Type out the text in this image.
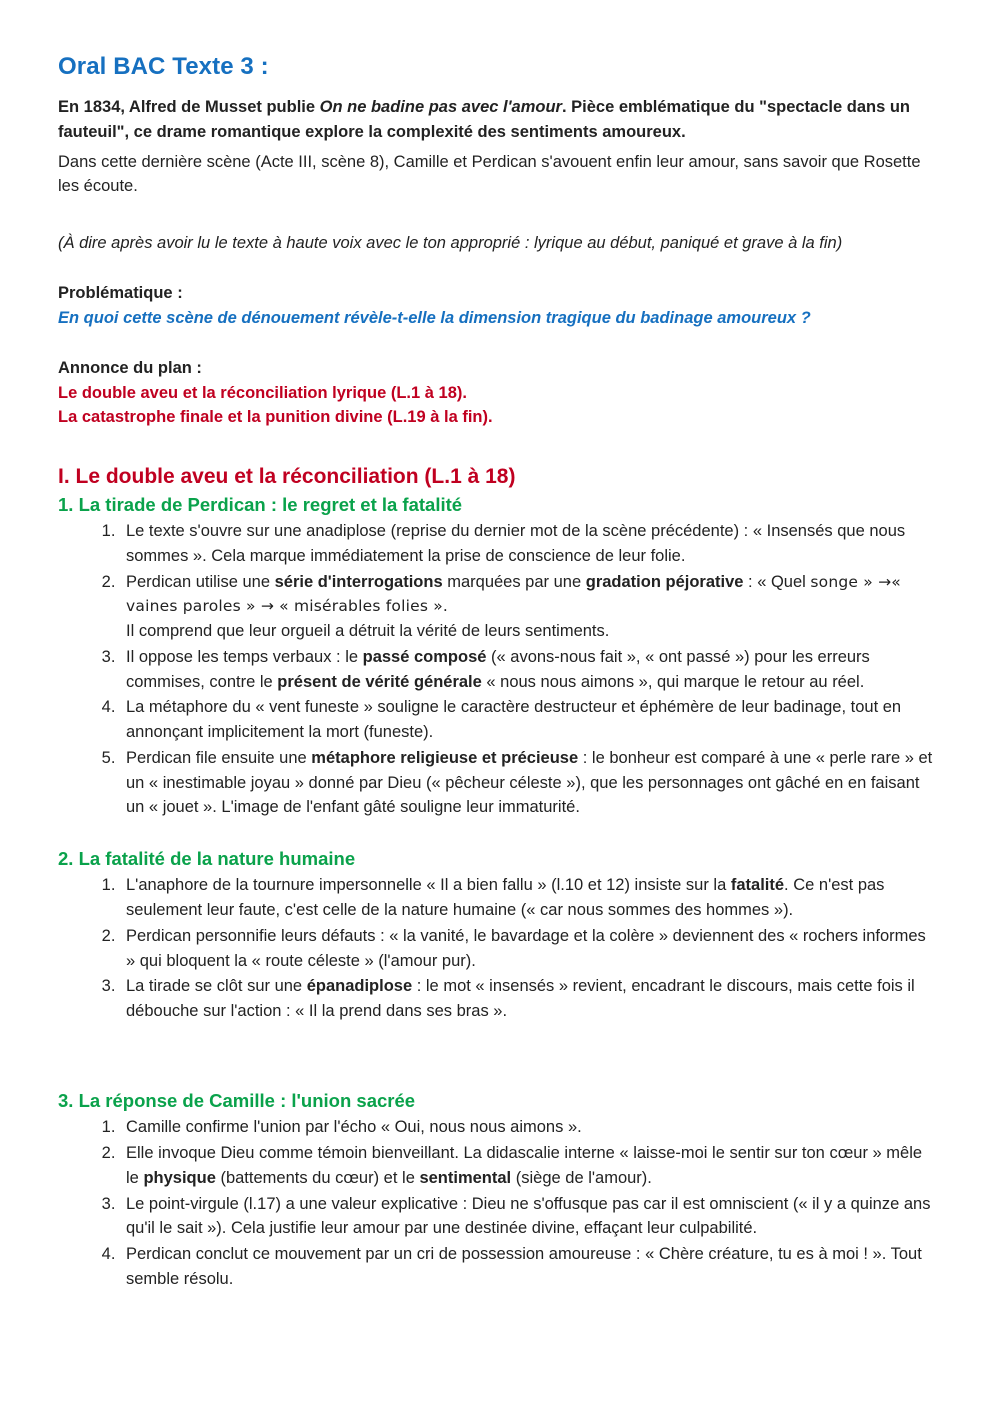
Oral BAC Texte 3 :

En 1834, Alfred de Musset publie On ne badine pas avec l'amour. Pièce emblématique du "spectacle dans un fauteuil", ce drame romantique explore la complexité des sentiments amoureux.

Dans cette dernière scène (Acte III, scène 8), Camille et Perdican s'avouent enfin leur amour, sans savoir que Rosette les écoute.

(À dire après avoir lu le texte à haute voix avec le ton approprié : lyrique au début, paniqué et grave à la fin)

Problématique :

En quoi cette scène de dénouement révèle-t-elle la dimension tragique du badinage amoureux ?

Annonce du plan :

Le double aveu et la réconciliation lyrique (L.1 à 18).

La catastrophe finale et la punition divine (L.19 à la fin).

I. Le double aveu et la réconciliation (L.1 à 18)
1. La tirade de Perdican : le regret et la fatalité
1. Le texte s'ouvre sur une anadiplose (reprise du dernier mot de la scène précédente) : « Insensés que nous sommes ». Cela marque immédiatement la prise de conscience de leur folie.
2. Perdican utilise une série d'interrogations marquées par une gradation péjorative : « Quel songe » →« vaines paroles » → « misérables folies ».
Il comprend que leur orgueil a détruit la vérité de leurs sentiments.
3. Il oppose les temps verbaux : le passé composé (« avons-nous fait », « ont passé ») pour les erreurs commises, contre le présent de vérité générale « nous nous aimons », qui marque le retour au réel.
4. La métaphore du « vent funeste » souligne le caractère destructeur et éphémère de leur badinage, tout en annonçant implicitement la mort (funeste).
5. Perdican file ensuite une métaphore religieuse et précieuse : le bonheur est comparé à une « perle rare » et un « inestimable joyau » donné par Dieu (« pêcheur céleste »), que les personnages ont gâché en en faisant un « jouet ». L'image de l'enfant gâté souligne leur immaturité.
2. La fatalité de la nature humaine
1. L'anaphore de la tournure impersonnelle « Il a bien fallu » (l.10 et 12) insiste sur la fatalité. Ce n'est pas seulement leur faute, c'est celle de la nature humaine (« car nous sommes des hommes »).
2. Perdican personnifie leurs défauts : « la vanité, le bavardage et la colère » deviennent des « rochers informes » qui bloquent la « route céleste » (l'amour pur).
3. La tirade se clôt sur une épanadiplose : le mot « insensés » revient, encadrant le discours, mais cette fois il débouche sur l'action : « Il la prend dans ses bras ».
3. La réponse de Camille : l'union sacrée
1. Camille confirme l'union par l'écho « Oui, nous nous aimons ».
2. Elle invoque Dieu comme témoin bienveillant. La didascalie interne « laisse-moi le sentir sur ton cœur » mêle le physique (battements du cœur) et le sentimental (siège de l'amour).
3. Le point-virgule (l.17) a une valeur explicative : Dieu ne s'offusque pas car il est omniscient (« il y a quinze ans qu'il le sait »). Cela justifie leur amour par une destinée divine, effaçant leur culpabilité.
4. Perdican conclut ce mouvement par un cri de possession amoureuse : « Chère créature, tu es à moi ! ». Tout semble résolu.
